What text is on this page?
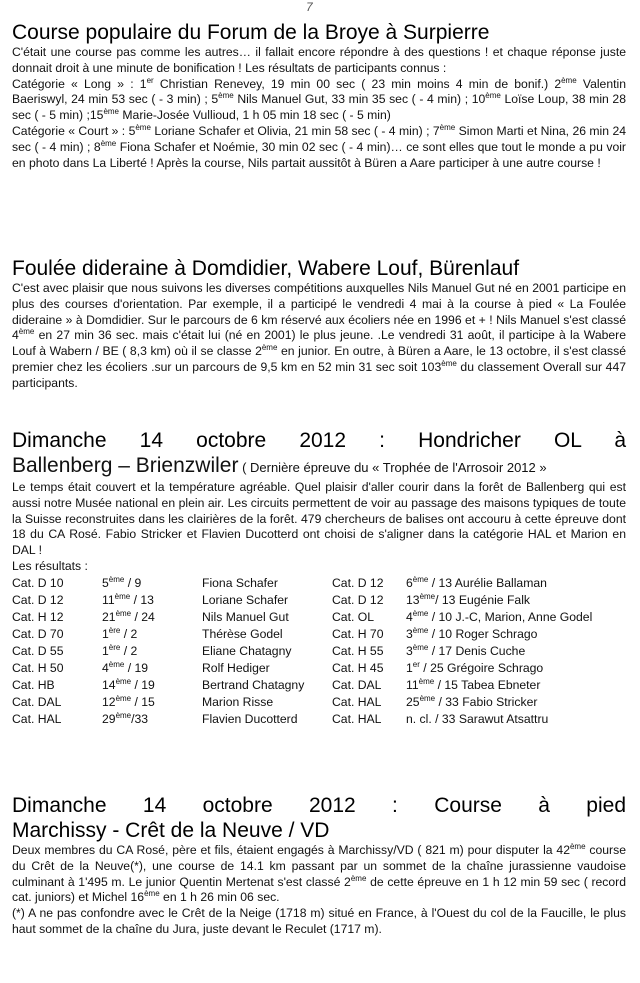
7
Course populaire du Forum de la Broye à Surpierre

C'était une course pas comme les autres… il fallait encore répondre à des questions ! et chaque réponse juste donnait droit à une minute de bonification ! Les résultats de participants connus :

Catégorie « Long » : 1er Christian Renevey, 19 min 00 sec ( 23 min moins 4 min de bonif.) 2ème Valentin Baeriswyl, 24 min 53 sec ( - 3 min) ; 5ème Nils Manuel Gut, 33 min 35 sec ( - 4 min) ; 10ème Loïse Loup, 38 min 28 sec ( - 5 min) ;15ème Marie-Josée Vullioud, 1 h 05 min 18 sec ( - 5 min)

Catégorie « Court » : 5ème Loriane Schafer et Olivia, 21 min 58 sec ( - 4 min) ; 7ème Simon Marti et Nina, 26 min 24 sec ( - 4 min) ; 8ème Fiona Schafer et Noémie, 30 min 02 sec ( - 4 min)… ce sont elles que tout le monde a pu voir en photo dans La Liberté ! Après la course, Nils partait aussitôt à Büren a Aare participer à une autre course !

Foulée dideraine à Domdidier, Wabere Louf, Bürenlauf

C'est avec plaisir que nous suivons les diverses compétitions auxquelles Nils Manuel Gut né en 2001 participe en plus des courses d'orientation. Par exemple, il a participé le vendredi 4 mai à la course à pied « La Foulée dideraine » à Domdidier. Sur le parcours de 6 km réservé aux écoliers née en 1996 et + ! Nils Manuel s'est classé 4ème en 27 min 36 sec. mais c'était lui (né en 2001) le plus jeune. .Le vendredi 31 août, il participe à la Wabere Louf à Wabern / BE ( 8,3 km) où il se classe 2ème en junior. En outre, à Büren a Aare, le 13 octobre, il s'est classé premier chez les écoliers .sur un parcours de 9,5 km en 52 min 31 sec soit 103ème du classement Overall sur 447 participants.

Dimanche 14 octobre 2012 : Hondricher OL à
Ballenberg – Brienzwiler ( Dernière épreuve du « Trophée de l'Arrosoir 2012 »

Le temps était couvert et la température agréable. Quel plaisir d'aller courir dans la forêt de Ballenberg qui est aussi notre Musée national en plein air. Les circuits permettent de voir au passage des maisons typiques de toute la Suisse reconstruites dans les clairières de la forêt. 479 chercheurs de balises ont accouru à cette épreuve dont 18 du CA Rosé. Fabio Stricker et Flavien Ducotterd ont choisi de s'aligner dans la catégorie HAL et Marion en DAL !

Les résultats :

Cat. D 10	5ème / 9	Fiona Schafer	Cat. D 12	6ème / 13 Aurélie Ballaman
Cat. D 12	11ème / 13	Loriane Schafer	Cat. D 12	13ème/ 13 Eugénie Falk
Cat. H 12	21ème / 24	Nils Manuel Gut	Cat. OL	4ème / 10 J.-C, Marion, Anne Godel
Cat. D 70	1ère / 2	Thérèse Godel	Cat. H 70	3ème / 10 Roger Schrago
Cat. D 55	1ère / 2	Eliane Chatagny	Cat. H 55	3ème / 17 Denis Cuche
Cat. H 50	4ème / 19	Rolf Hediger	Cat. H 45	1er / 25 Grégoire Schrago
Cat. HB	14ème / 19	Bertrand Chatagny	Cat. DAL	11ème / 15 Tabea Ebneter
Cat. DAL	12ème / 15	Marion Risse	Cat. HAL	25ème / 33 Fabio Stricker
Cat. HAL	29ème/33	Flavien Ducotterd	Cat. HAL	n. cl. / 33 Sarawut Atsattru
Dimanche 14 octobre 2012 : Course à pied
Marchissy - Crêt de la Neuve / VD

Deux membres du CA Rosé, père et fils, étaient engagés à Marchissy/VD ( 821 m) pour disputer la 42ème course du Crêt de la Neuve(*), une course de 14.1 km passant par un sommet de la chaîne jurassienne vaudoise culminant à 1'495 m. Le junior Quentin Mertenat s'est classé 2ème de cette épreuve en 1 h 12 min 59 sec ( record cat. juniors) et Michel 16ème en 1 h 26 min 06 sec.

(*) A ne pas confondre avec le Crêt de la Neige (1718 m) situé en France, à l'Ouest du col de la Faucille, le plus haut sommet de la chaîne du Jura, juste devant le Reculet (1717 m).
